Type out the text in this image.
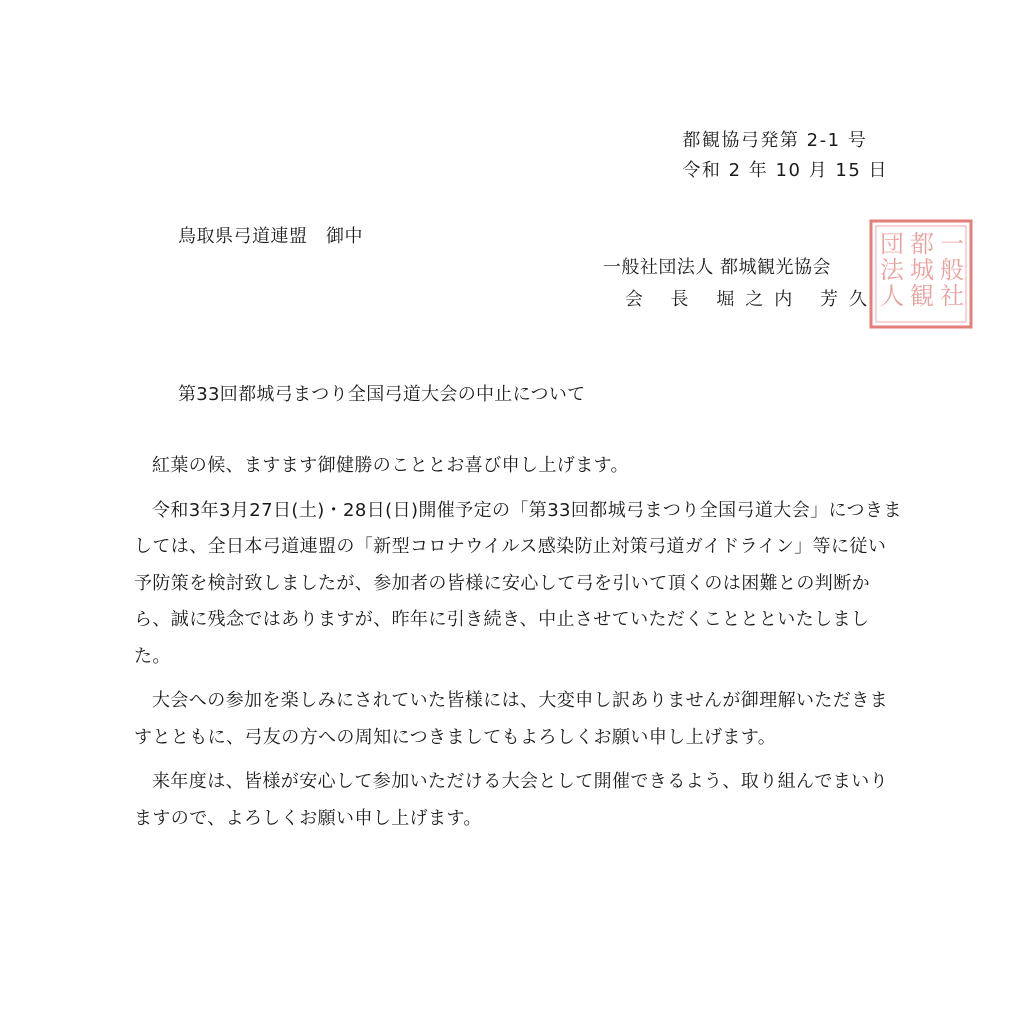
都観協弓発第 2-1 号
令和 2 年 10 月 15 日
鳥取県弓道連盟　御中
一般社団法人 都城観光協会
会 長 堀之内 芳久
一
般
社
都
城
観
団
法
人
第33回都城弓まつり全国弓道大会の中止について

紅葉の候、ますます御健勝のこととお喜び申し上げます。

令和3年3月27日(土)・28日(日)開催予定の「第33回都城弓まつり全国弓道大会」につきましては、全日本弓道連盟の「新型コロナウイルス感染防止対策弓道ガイドライン」等に従い予防策を検討致しましたが、参加者の皆様に安心して弓を引いて頂くのは困難との判断から、誠に残念ではありますが、昨年に引き続き、中止させていただくこととといたしました。

大会への参加を楽しみにされていた皆様には、大変申し訳ありませんが御理解いただきますとともに、弓友の方への周知につきましてもよろしくお願い申し上げます。

来年度は、皆様が安心して参加いただける大会として開催できるよう、取り組んでまいりますので、よろしくお願い申し上げます。
